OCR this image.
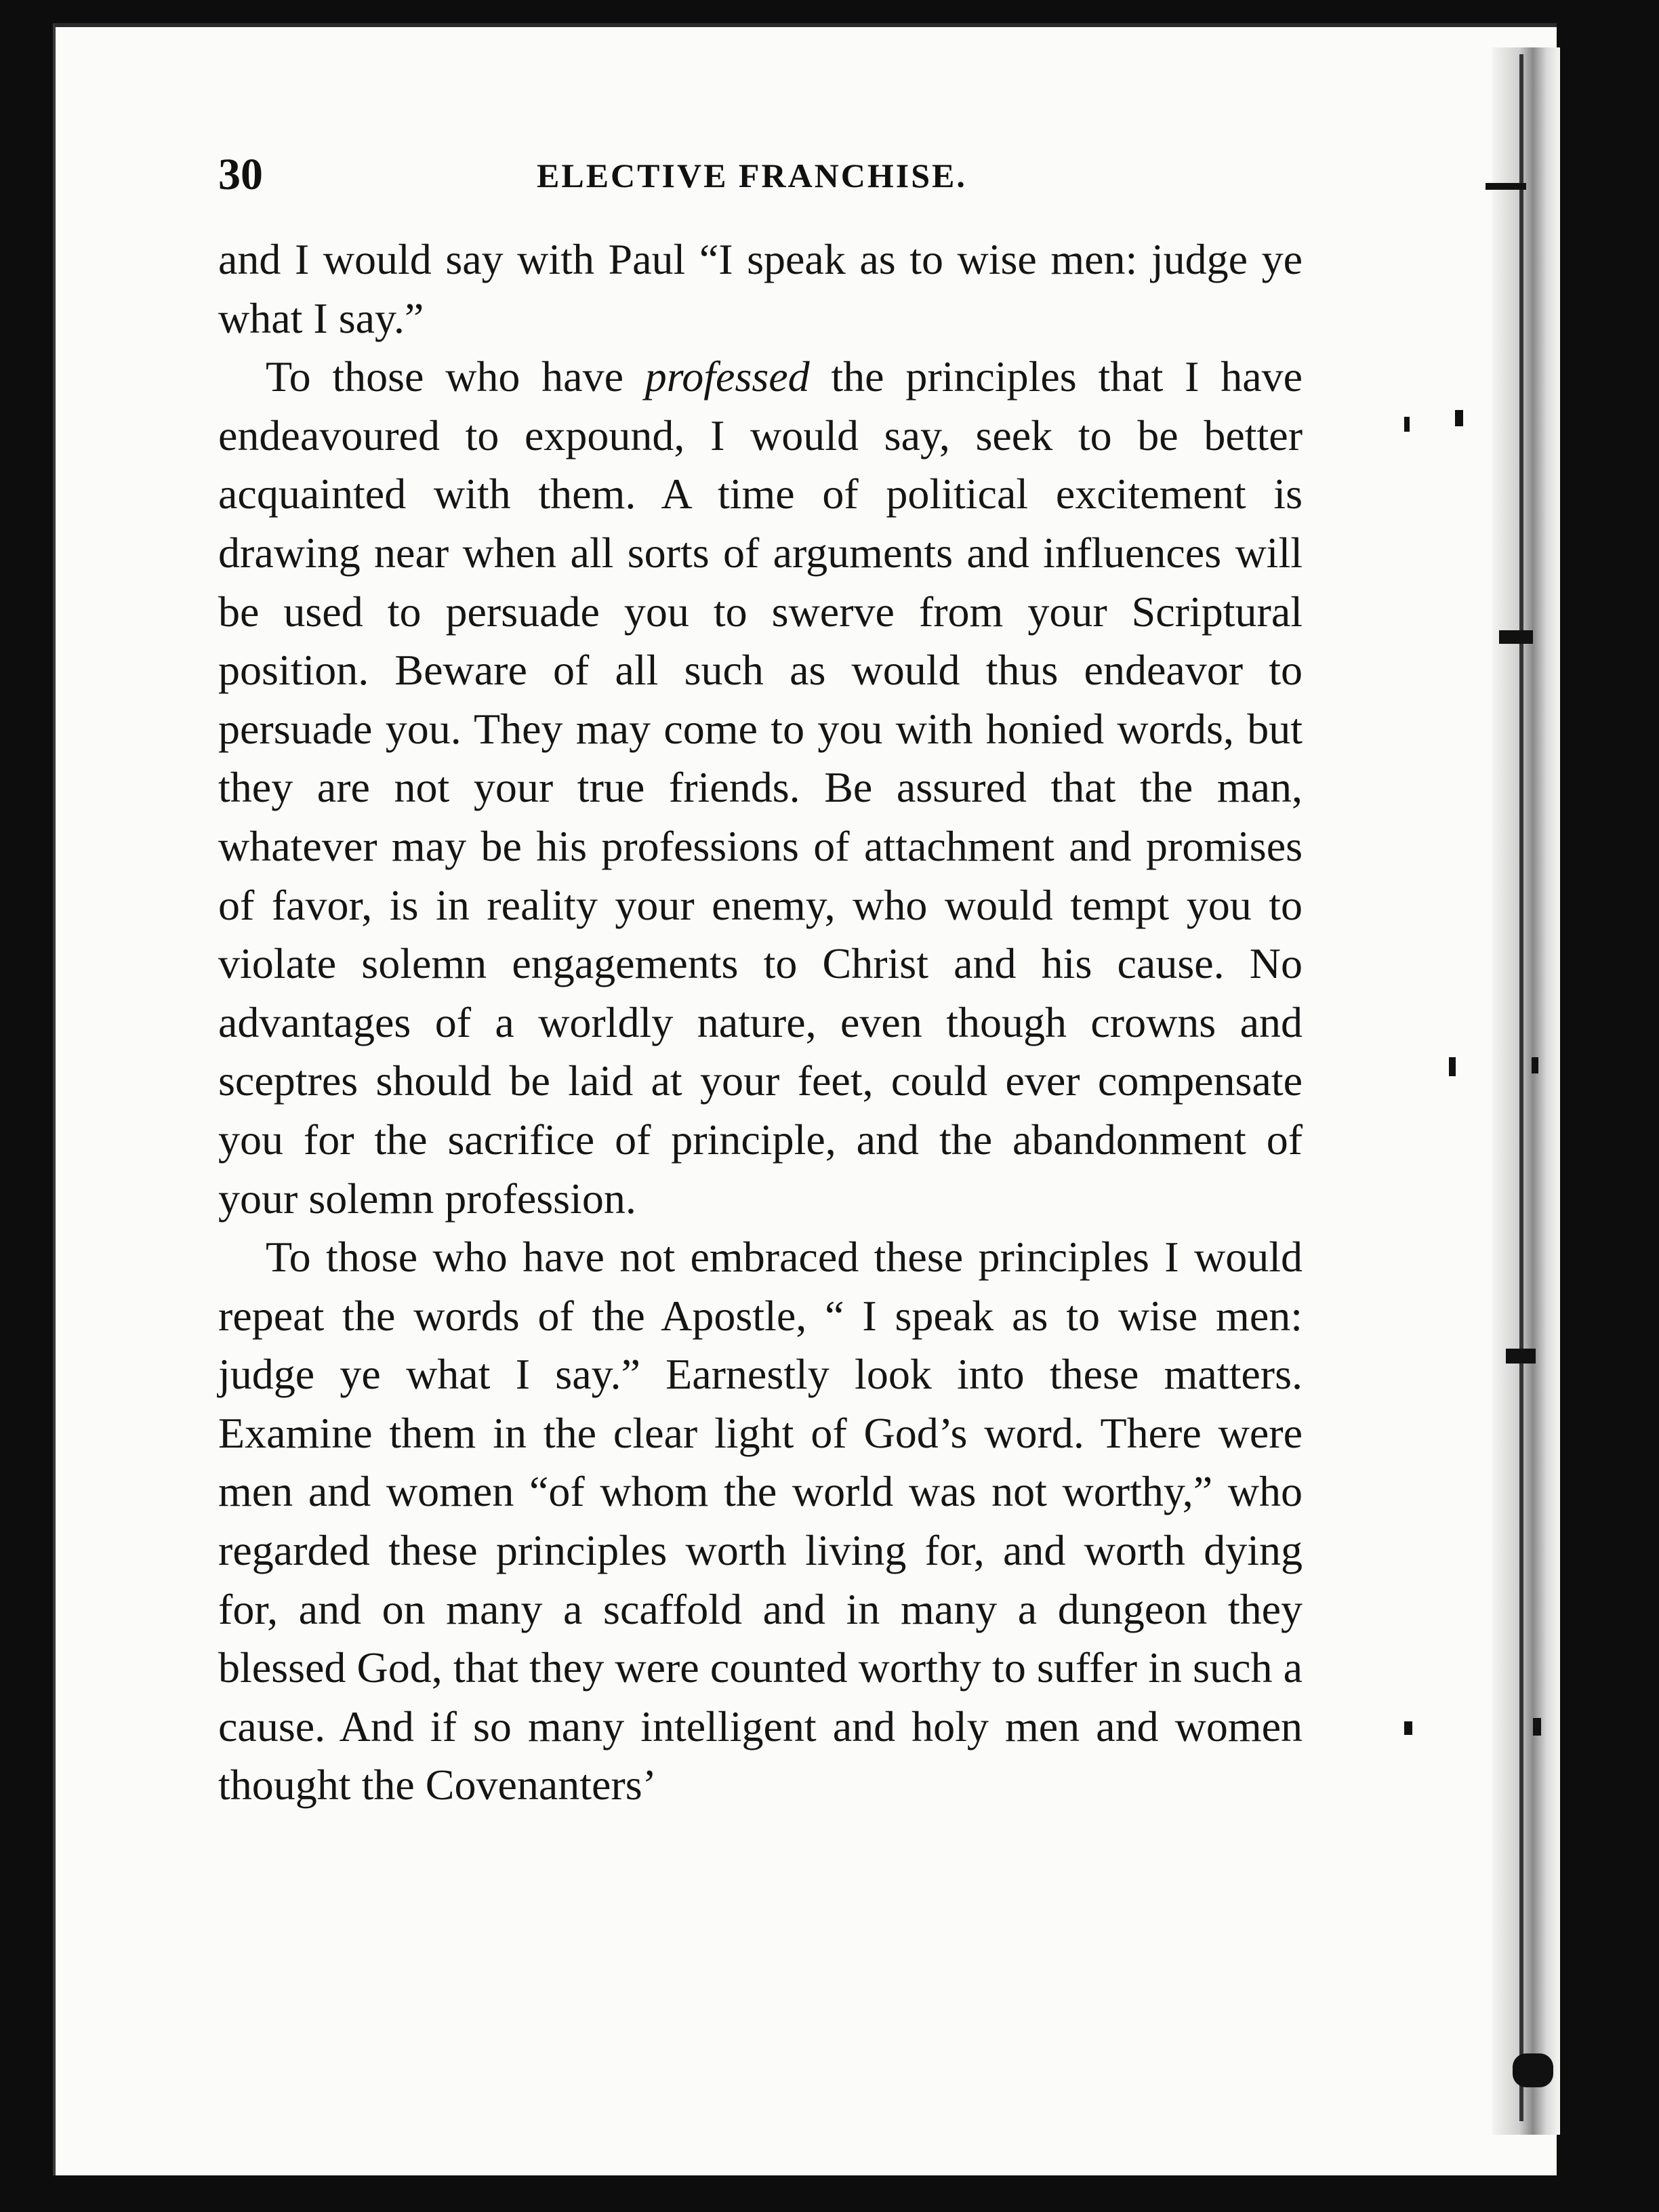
30	ELECTIVE FRANCHISE.

and I would say with Paul “I speak as to wise men: judge ye what I say.”

To those who have professed the principles that I have endeavoured to expound, I would say, seek to be better acquainted with them. A time of political excitement is drawing near when all sorts of arguments and influences will be used to persuade you to swerve from your Scriptural position. Beware of all such as would thus endeavor to persuade you. They may come to you with honied words, but they are not your true friends. Be assured that the man, whatever may be his professions of attachment and promises of favor, is in reality your enemy, who would tempt you to violate solemn engagements to Christ and his cause. No advantages of a worldly nature, even though crowns and sceptres should be laid at your feet, could ever compensate you for the sacrifice of principle, and the abandonment of your solemn profession.

To those who have not embraced these principles I would repeat the words of the Apostle, “ I speak as to wise men: judge ye what I say.” Earnestly look into these matters. Examine them in the clear light of God’s word. There were men and women “of whom the world was not worthy,” who regarded these principles worth living for, and worth dying for, and on many a scaffold and in many a dungeon they blessed God, that they were counted worthy to suffer in such a cause. And if so many intelligent and holy men and women thought the Covenanters’
